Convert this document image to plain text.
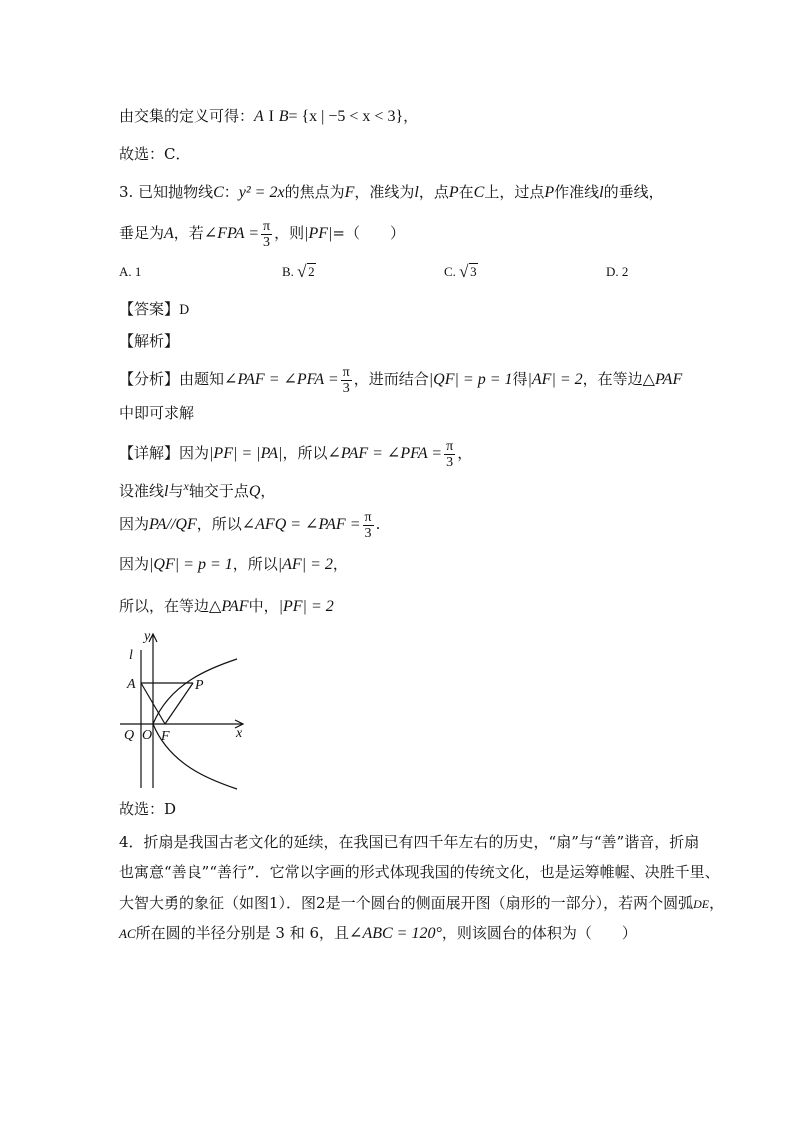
由交集的定义可得：A I B= {x | −5 < x < 3}，
故选：C．
3. 已知抛物线C：y² = 2x的焦点为F，准线为l，点P在C上，过点P作准线l的垂线，
垂足为A，若∠FPA = $\frac{\pi}{3}$ ，则|PF|=（　　）
A. 1	B. √ 2	C. √ 3	D. 2
【答案】D
【解析】
【分析】由题知∠PAF = ∠PFA = $\frac{\pi}{3}$ ，进而结合|QF| = p = 1得|AF| = 2，在等边△PAF
中即可求解
【详解】因为|PF| = |PA|，所以∠PAF = ∠PFA = $\frac{\pi}{3}$ ，
设准线l与$^x$轴交于点Q，
因为PA//QF，所以∠AFQ = ∠PAF = $\frac{\pi}{3}$ .
因为|QF| = p = 1，所以|AF| = 2，
所以，在等边△PAF中，|PF| = 2
y
l
A	P
Q O F	x
故选：D
4．折扇是我国古老文化的延续，在我国已有四千年左右的历史，“扇”与“善”谐音，折扇
也寓意“善良”“善行”．它常以字画的形式体现我国的传统文化，也是运筹帷幄、决胜千里、
大智大勇的象征（如图1）．图2是一个圆台的侧面展开图（扇形的一部分），若两个圆弧DE，
AC所在圆的半径分别是 3 和 6，且∠ABC = 120°，则该圆台的体积为（　　）
